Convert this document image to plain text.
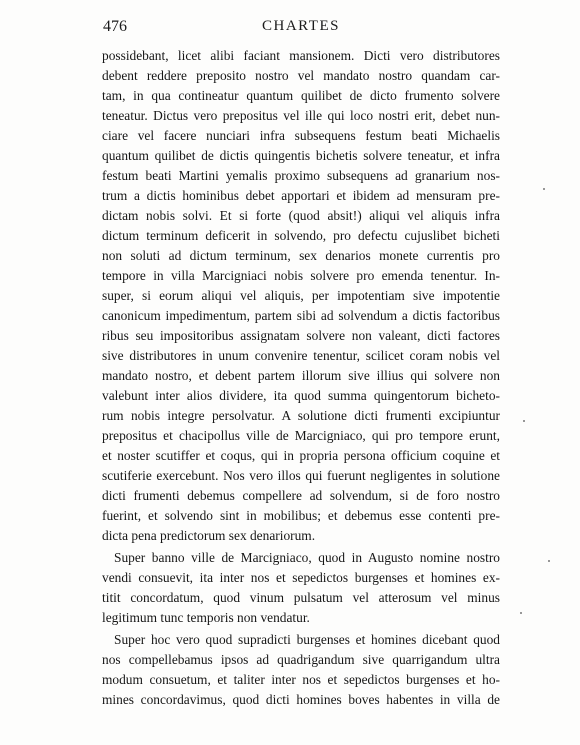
476	CHARTES
possidebant, licet alibi faciant mansionem. Dicti vero distributores
debent reddere preposito nostro vel mandato nostro quandam car-
tam, in qua contineatur quantum quilibet de dicto frumento solvere
teneatur. Dictus vero prepositus vel ille qui loco nostri erit, debet nun-
ciare vel facere nunciari infra subsequens festum beati Michaelis
quantum quilibet de dictis quingentis bichetis solvere teneatur, et infra
festum beati Martini yemalis proximo subsequens ad granarium nos-
trum a dictis hominibus debet apportari et ibidem ad mensuram pre-
dictam nobis solvi. Et si forte (quod absit!) aliqui vel aliquis infra
dictum terminum deficerit in solvendo, pro defectu cujuslibet bicheti
non soluti ad dictum terminum, sex denarios monete currentis pro
tempore in villa Marcigniaci nobis solvere pro emenda tenentur. In-
super, si eorum aliqui vel aliquis, per impotentiam sive impotentie
canonicum impedimentum, partem sibi ad solvendum a dictis factoribus
ribus seu impositoribus assignatam solvere non valeant, dicti factores
sive distributores in unum convenire tenentur, scilicet coram nobis vel
mandato nostro, et debent partem illorum sive illius qui solvere non
valebunt inter alios dividere, ita quod summa quingentorum bicheto-
rum nobis integre persolvatur. A solutione dicti frumenti excipiuntur
prepositus et chacipollus ville de Marcigniaco, qui pro tempore erunt,
et noster scutiffer et coqus, qui in propria persona officium coquine et
scutiferie exercebunt. Nos vero illos qui fuerunt negligentes in solutione
dicti frumenti debemus compellere ad solvendum, si de foro nostro
fuerint, et solvendo sint in mobilibus; et debemus esse contenti pre-
dicta pena predictorum sex denariorum.
Super banno ville de Marcigniaco, quod in Augusto nomine nostro
vendi consuevit, ita inter nos et sepedictos burgenses et homines ex-
titit concordatum, quod vinum pulsatum vel atterosum vel minus
legitimum tunc temporis non vendatur.
Super hoc vero quod supradicti burgenses et homines dicebant quod
nos compellebamus ipsos ad quadrigandum sive quarrigandum ultra
modum consuetum, et taliter inter nos et sepedictos burgenses et ho-
mines concordavimus, quod dicti homines boves habentes in villa de
